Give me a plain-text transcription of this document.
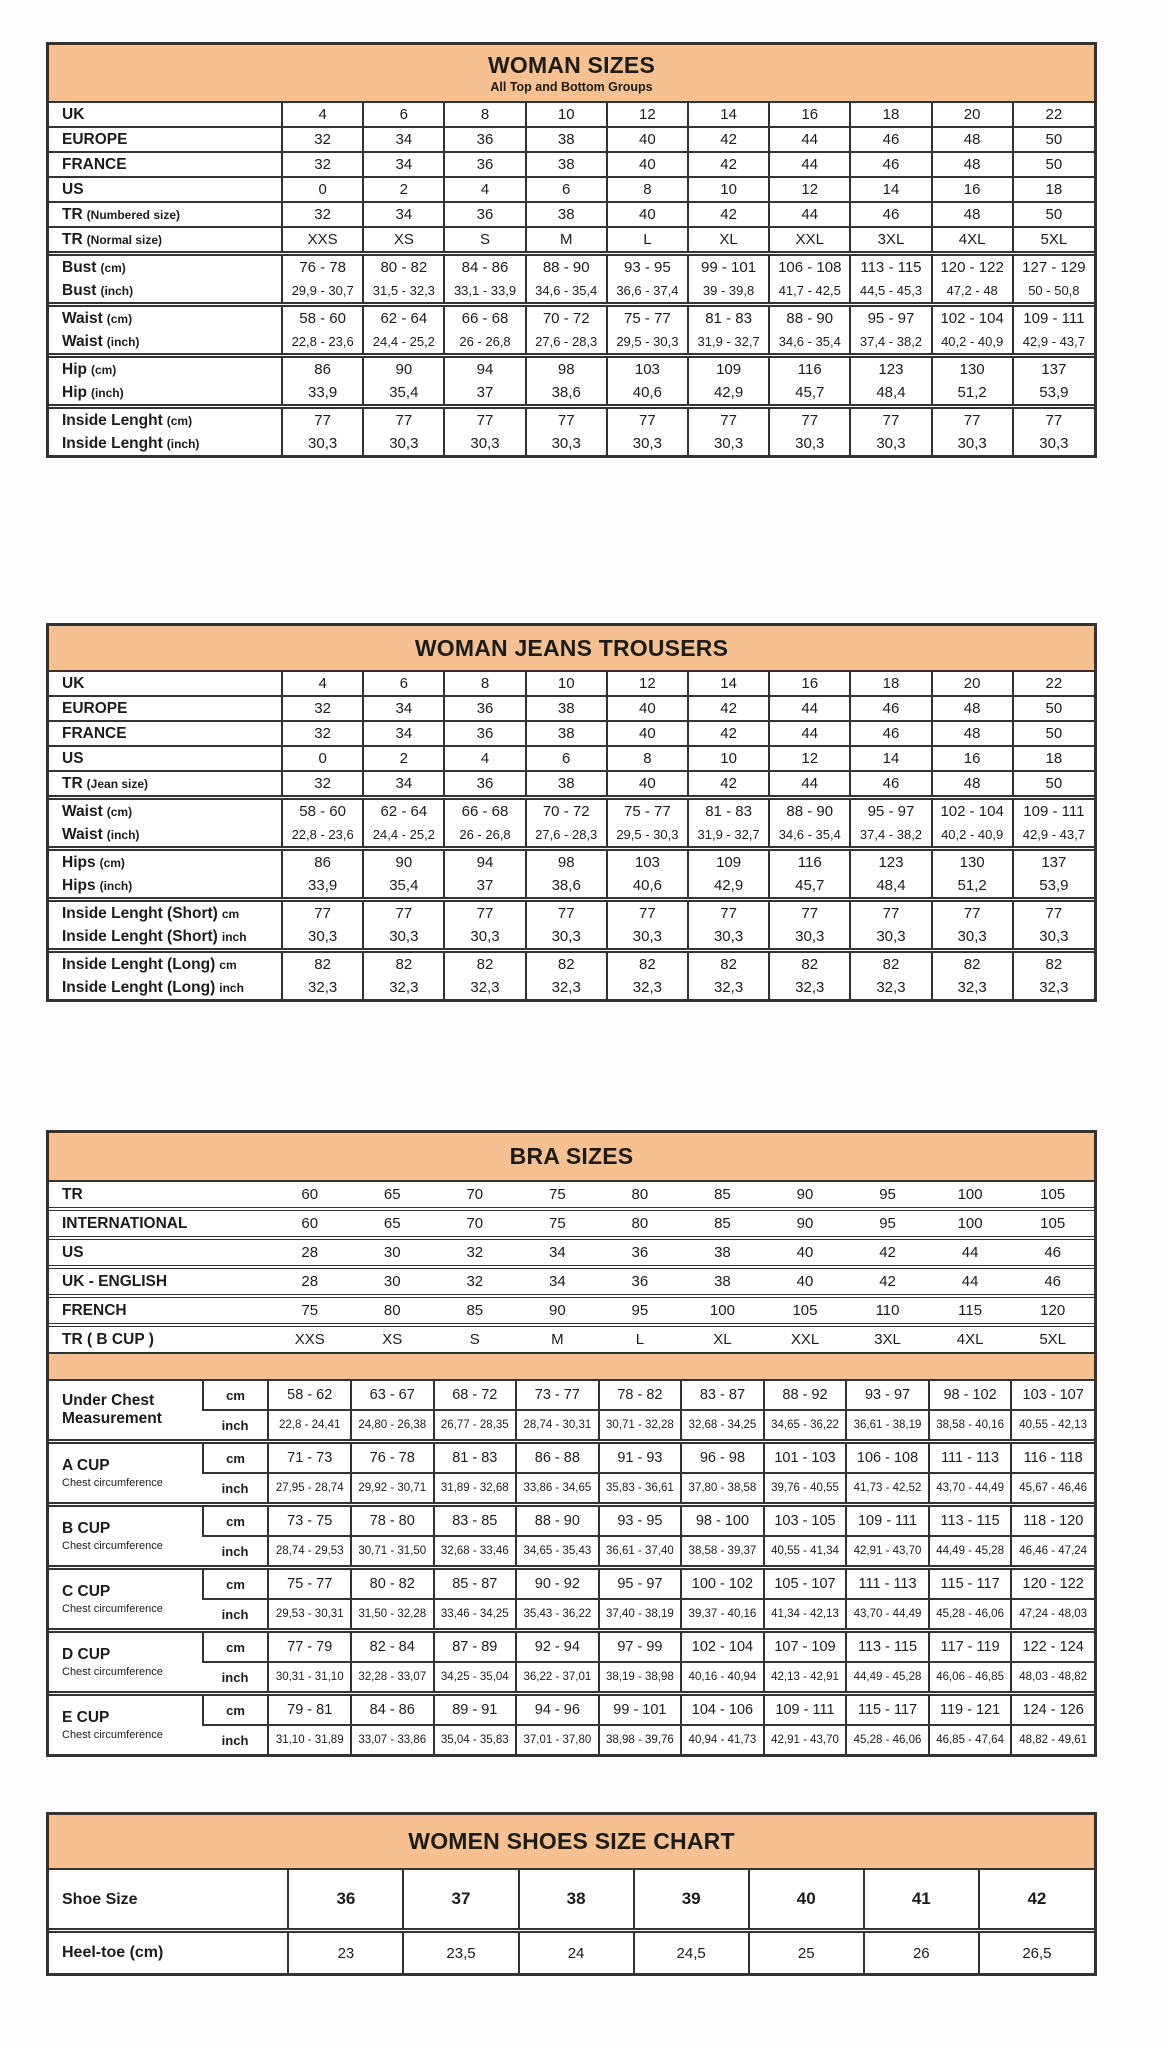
WOMAN SIZES
All Top and Bottom Groups
UK	4	6	8	10	12	14	16	18	20	22
EUROPE	32	34	36	38	40	42	44	46	48	50
FRANCE	32	34	36	38	40	42	44	46	48	50
US	0	2	4	6	8	10	12	14	16	18
TR (Numbered size)	32	34	36	38	40	42	44	46	48	50
TR (Normal size)	XXS	XS	S	M	L	XL	XXL	3XL	4XL	5XL
Bust (cm)	76 - 78	80 - 82	84 - 86	88 - 90	93 - 95	99 - 101	106 - 108	113 - 115	120 - 122	127 - 129
Bust (inch)	29,9 - 30,7	31,5 - 32,3	33,1 - 33,9	34,6 - 35,4	36,6 - 37,4	39 - 39,8	41,7 - 42,5	44,5 - 45,3	47,2 - 48	50 - 50,8
Waist (cm)	58 - 60	62 - 64	66 - 68	70 - 72	75 - 77	81 - 83	88 - 90	95 - 97	102 - 104	109 - 111
Waist (inch)	22,8 - 23,6	24,4 - 25,2	26 - 26,8	27,6 - 28,3	29,5 - 30,3	31,9 - 32,7	34,6 - 35,4	37,4 - 38,2	40,2 - 40,9	42,9 - 43,7
Hip (cm)	86	90	94	98	103	109	116	123	130	137
Hip (inch)	33,9	35,4	37	38,6	40,6	42,9	45,7	48,4	51,2	53,9
Inside Lenght (cm)	77	77	77	77	77	77	77	77	77	77
Inside Lenght (inch)	30,3	30,3	30,3	30,3	30,3	30,3	30,3	30,3	30,3	30,3
WOMAN JEANS TROUSERS
UK	4	6	8	10	12	14	16	18	20	22
EUROPE	32	34	36	38	40	42	44	46	48	50
FRANCE	32	34	36	38	40	42	44	46	48	50
US	0	2	4	6	8	10	12	14	16	18
TR (Jean size)	32	34	36	38	40	42	44	46	48	50
Waist (cm)	58 - 60	62 - 64	66 - 68	70 - 72	75 - 77	81 - 83	88 - 90	95 - 97	102 - 104	109 - 111
Waist (inch)	22,8 - 23,6	24,4 - 25,2	26 - 26,8	27,6 - 28,3	29,5 - 30,3	31,9 - 32,7	34,6 - 35,4	37,4 - 38,2	40,2 - 40,9	42,9 - 43,7
Hips (cm)	86	90	94	98	103	109	116	123	130	137
Hips (inch)	33,9	35,4	37	38,6	40,6	42,9	45,7	48,4	51,2	53,9
Inside Lenght (Short) cm	77	77	77	77	77	77	77	77	77	77
Inside Lenght (Short) inch	30,3	30,3	30,3	30,3	30,3	30,3	30,3	30,3	30,3	30,3
Inside Lenght (Long) cm	82	82	82	82	82	82	82	82	82	82
Inside Lenght (Long) inch	32,3	32,3	32,3	32,3	32,3	32,3	32,3	32,3	32,3	32,3
BRA SIZES
TR		60	65	70	75	80	85	90	95	100	105
INTERNATIONAL		60	65	70	75	80	85	90	95	100	105
US		28	30	32	34	36	38	40	42	44	46
UK - ENGLISH		28	30	32	34	36	38	40	42	44	46
FRENCH		75	80	85	90	95	100	105	110	115	120
TR ( B CUP )		XXS	XS	S	M	L	XL	XXL	3XL	4XL	5XL

Under Chest Measurement	cm	58 - 62	63 - 67	68 - 72	73 - 77	78 - 82	83 - 87	88 - 92	93 - 97	98 - 102	103 - 107
	inch	22,8 - 24,41	24,80 - 26,38	26,77 - 28,35	28,74 - 30,31	30,71 - 32,28	32,68 - 34,25	34,65 - 36,22	36,61 - 38,19	38,58 - 40,16	40,55 - 42,13
A CUP
Chest circumference	cm	71 - 73	76 - 78	81 - 83	86 - 88	91 - 93	96 - 98	101 - 103	106 - 108	111 - 113	116 - 118
	inch	27,95 - 28,74	29,92 - 30,71	31,89 - 32,68	33,86 - 34,65	35,83 - 36,61	37,80 - 38,58	39,76 - 40,55	41,73 - 42,52	43,70 - 44,49	45,67 - 46,46
B CUP
Chest circumference	cm	73 - 75	78 - 80	83 - 85	88 - 90	93 - 95	98 - 100	103 - 105	109 - 111	113 - 115	118 - 120
	inch	28,74 - 29,53	30,71 - 31,50	32,68 - 33,46	34,65 - 35,43	36,61 - 37,40	38,58 - 39,37	40,55 - 41,34	42,91 - 43,70	44,49 - 45,28	46,46 - 47,24
C CUP
Chest circumference	cm	75 - 77	80 - 82	85 - 87	90 - 92	95 - 97	100 - 102	105 - 107	111 - 113	115 - 117	120 - 122
	inch	29,53 - 30,31	31,50 - 32,28	33,46 - 34,25	35,43 - 36,22	37,40 - 38,19	39,37 - 40,16	41,34 - 42,13	43,70 - 44,49	45,28 - 46,06	47,24 - 48,03
D CUP
Chest circumference	cm	77 - 79	82 - 84	87 - 89	92 - 94	97 - 99	102 - 104	107 - 109	113 - 115	117 - 119	122 - 124
	inch	30,31 - 31,10	32,28 - 33,07	34,25 - 35,04	36,22 - 37,01	38,19 - 38,98	40,16 - 40,94	42,13 - 42,91	44,49 - 45,28	46,06 - 46,85	48,03 - 48,82
E CUP
Chest circumference	cm	79 - 81	84 - 86	89 - 91	94 - 96	99 - 101	104 - 106	109 - 111	115 - 117	119 - 121	124 - 126
	inch	31,10 - 31,89	33,07 - 33,86	35,04 - 35,83	37,01 - 37,80	38,98 - 39,76	40,94 - 41,73	42,91 - 43,70	45,28 - 46,06	46,85 - 47,64	48,82 - 49,61
WOMEN SHOES SIZE CHART
Shoe Size	36	37	38	39	40	41	42
Heel-toe (cm)	23	23,5	24	24,5	25	26	26,5
